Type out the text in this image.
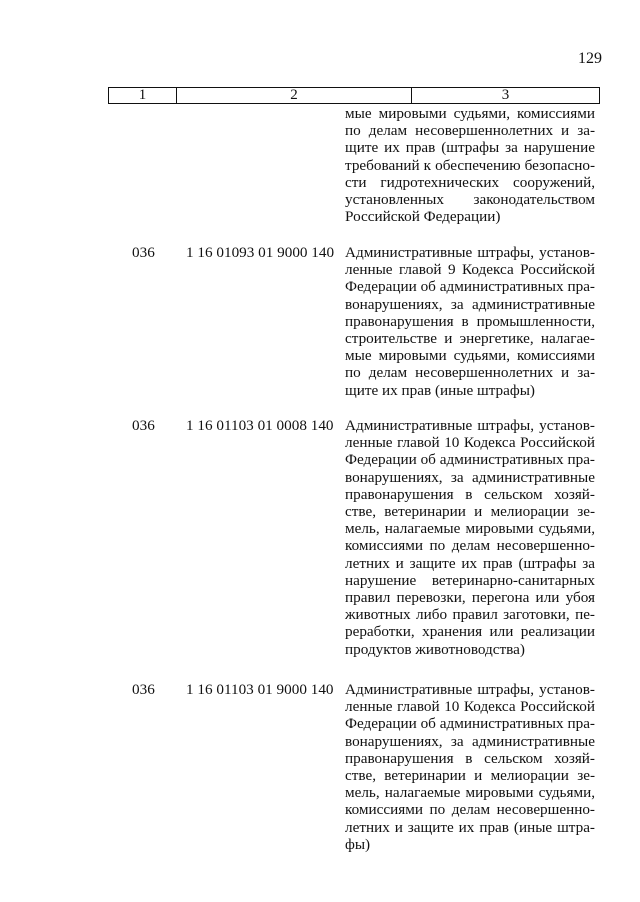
129
1	2	3
мые мировыми судьями, комиссиями
по делам несовершеннолетних и за-
щите их прав (штрафы за нарушение
требований к обеспечению безопасно-
сти гидротехнических сооружений,
установленных законодательством
Российской Федерации)
036 1 16 01093 01 9000 140 Административные штрафы, установ-
ленные главой 9 Кодекса Российской
Федерации об административных пра-
вонарушениях, за административные
правонарушения в промышленности,
строительстве и энергетике, налагае-
мые мировыми судьями, комиссиями
по делам несовершеннолетних и за-
щите их прав (иные штрафы)
036 1 16 01103 01 0008 140 Административные штрафы, установ-
ленные главой 10 Кодекса Российской
Федерации об административных пра-
вонарушениях, за административные
правонарушения в сельском хозяй-
стве, ветеринарии и мелиорации зе-
мель, налагаемые мировыми судьями,
комиссиями по делам несовершенно-
летних и защите их прав (штрафы за
нарушение ветеринарно-санитарных
правил перевозки, перегона или убоя
животных либо правил заготовки, пе-
реработки, хранения или реализации
продуктов животноводства)
036 1 16 01103 01 9000 140 Административные штрафы, установ-
ленные главой 10 Кодекса Российской
Федерации об административных пра-
вонарушениях, за административные
правонарушения в сельском хозяй-
стве, ветеринарии и мелиорации зе-
мель, налагаемые мировыми судьями,
комиссиями по делам несовершенно-
летних и защите их прав (иные штра-
фы)
